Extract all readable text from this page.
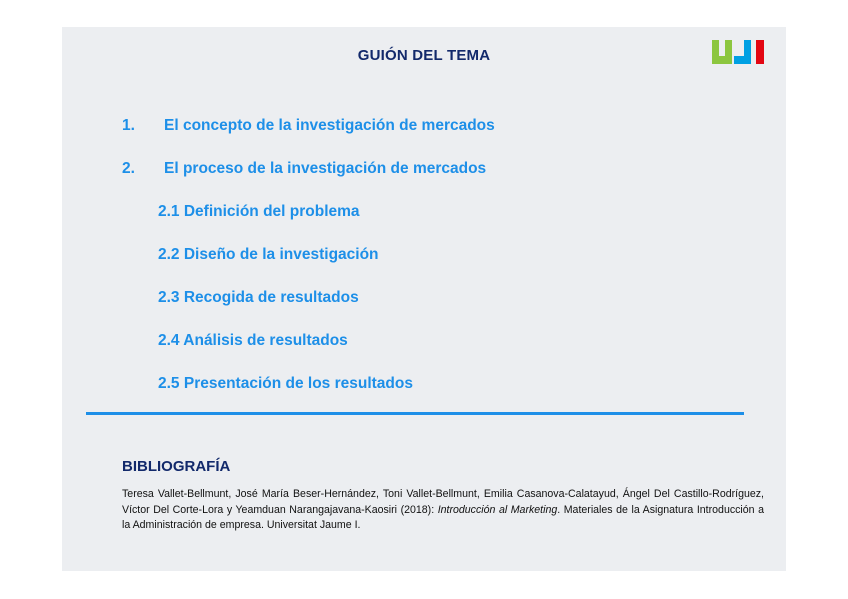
GUIÓN DEL TEMA
1. El concepto de la investigación de mercados
2. El proceso de la investigación de mercados
2.1 Definición del problema
2.2 Diseño de la investigación
2.3 Recogida de resultados
2.4 Análisis de resultados
2.5 Presentación de los resultados
BIBLIOGRAFÍA
Teresa Vallet-Bellmunt, José María Beser-Hernández, Toni Vallet-Bellmunt, Emilia Casanova-Calatayud, Ángel Del Castillo-Rodríguez, Víctor Del Corte-Lora y Yeamduan Narangajavana-Kaosiri (2018): Introducción al Marketing. Materiales de la Asignatura Introducción a la Administración de empresa. Universitat Jaume I.
